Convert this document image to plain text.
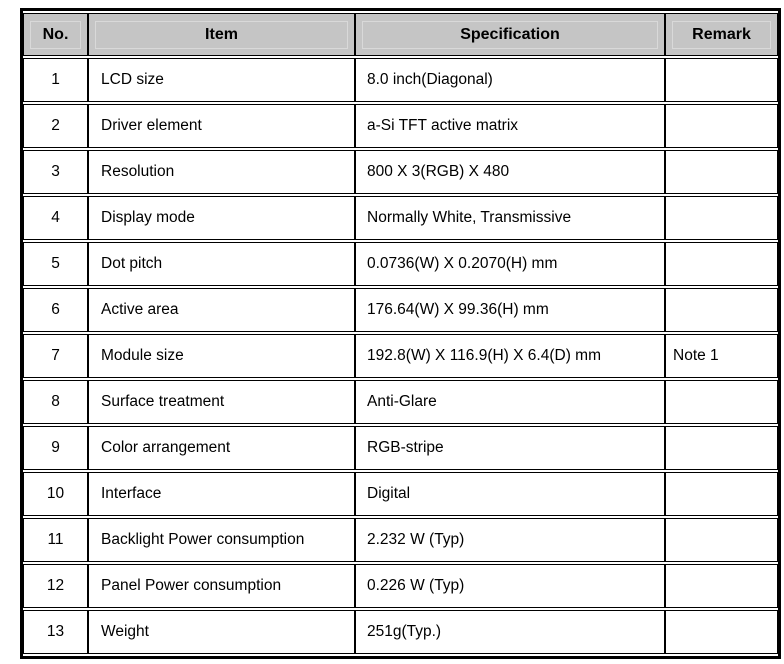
No.	Item	Specification	Remark

1	LCD size	8.0 inch(Diagonal)	
2	Driver element	a-Si TFT active matrix	
3	Resolution	800 X 3(RGB) X 480	
4	Display mode	Normally White, Transmissive	
5	Dot pitch	0.0736(W) X 0.2070(H) mm	
6	Active area	176.64(W) X 99.36(H) mm	
7	Module size	192.8(W) X 116.9(H) X 6.4(D) mm	Note 1
8	Surface treatment	Anti-Glare	
9	Color arrangement	RGB-stripe	
10	Interface	Digital	
11	Backlight Power consumption	2.232 W (Typ)	
12	Panel Power consumption	0.226 W (Typ)	
13	Weight	251g(Typ.)	
